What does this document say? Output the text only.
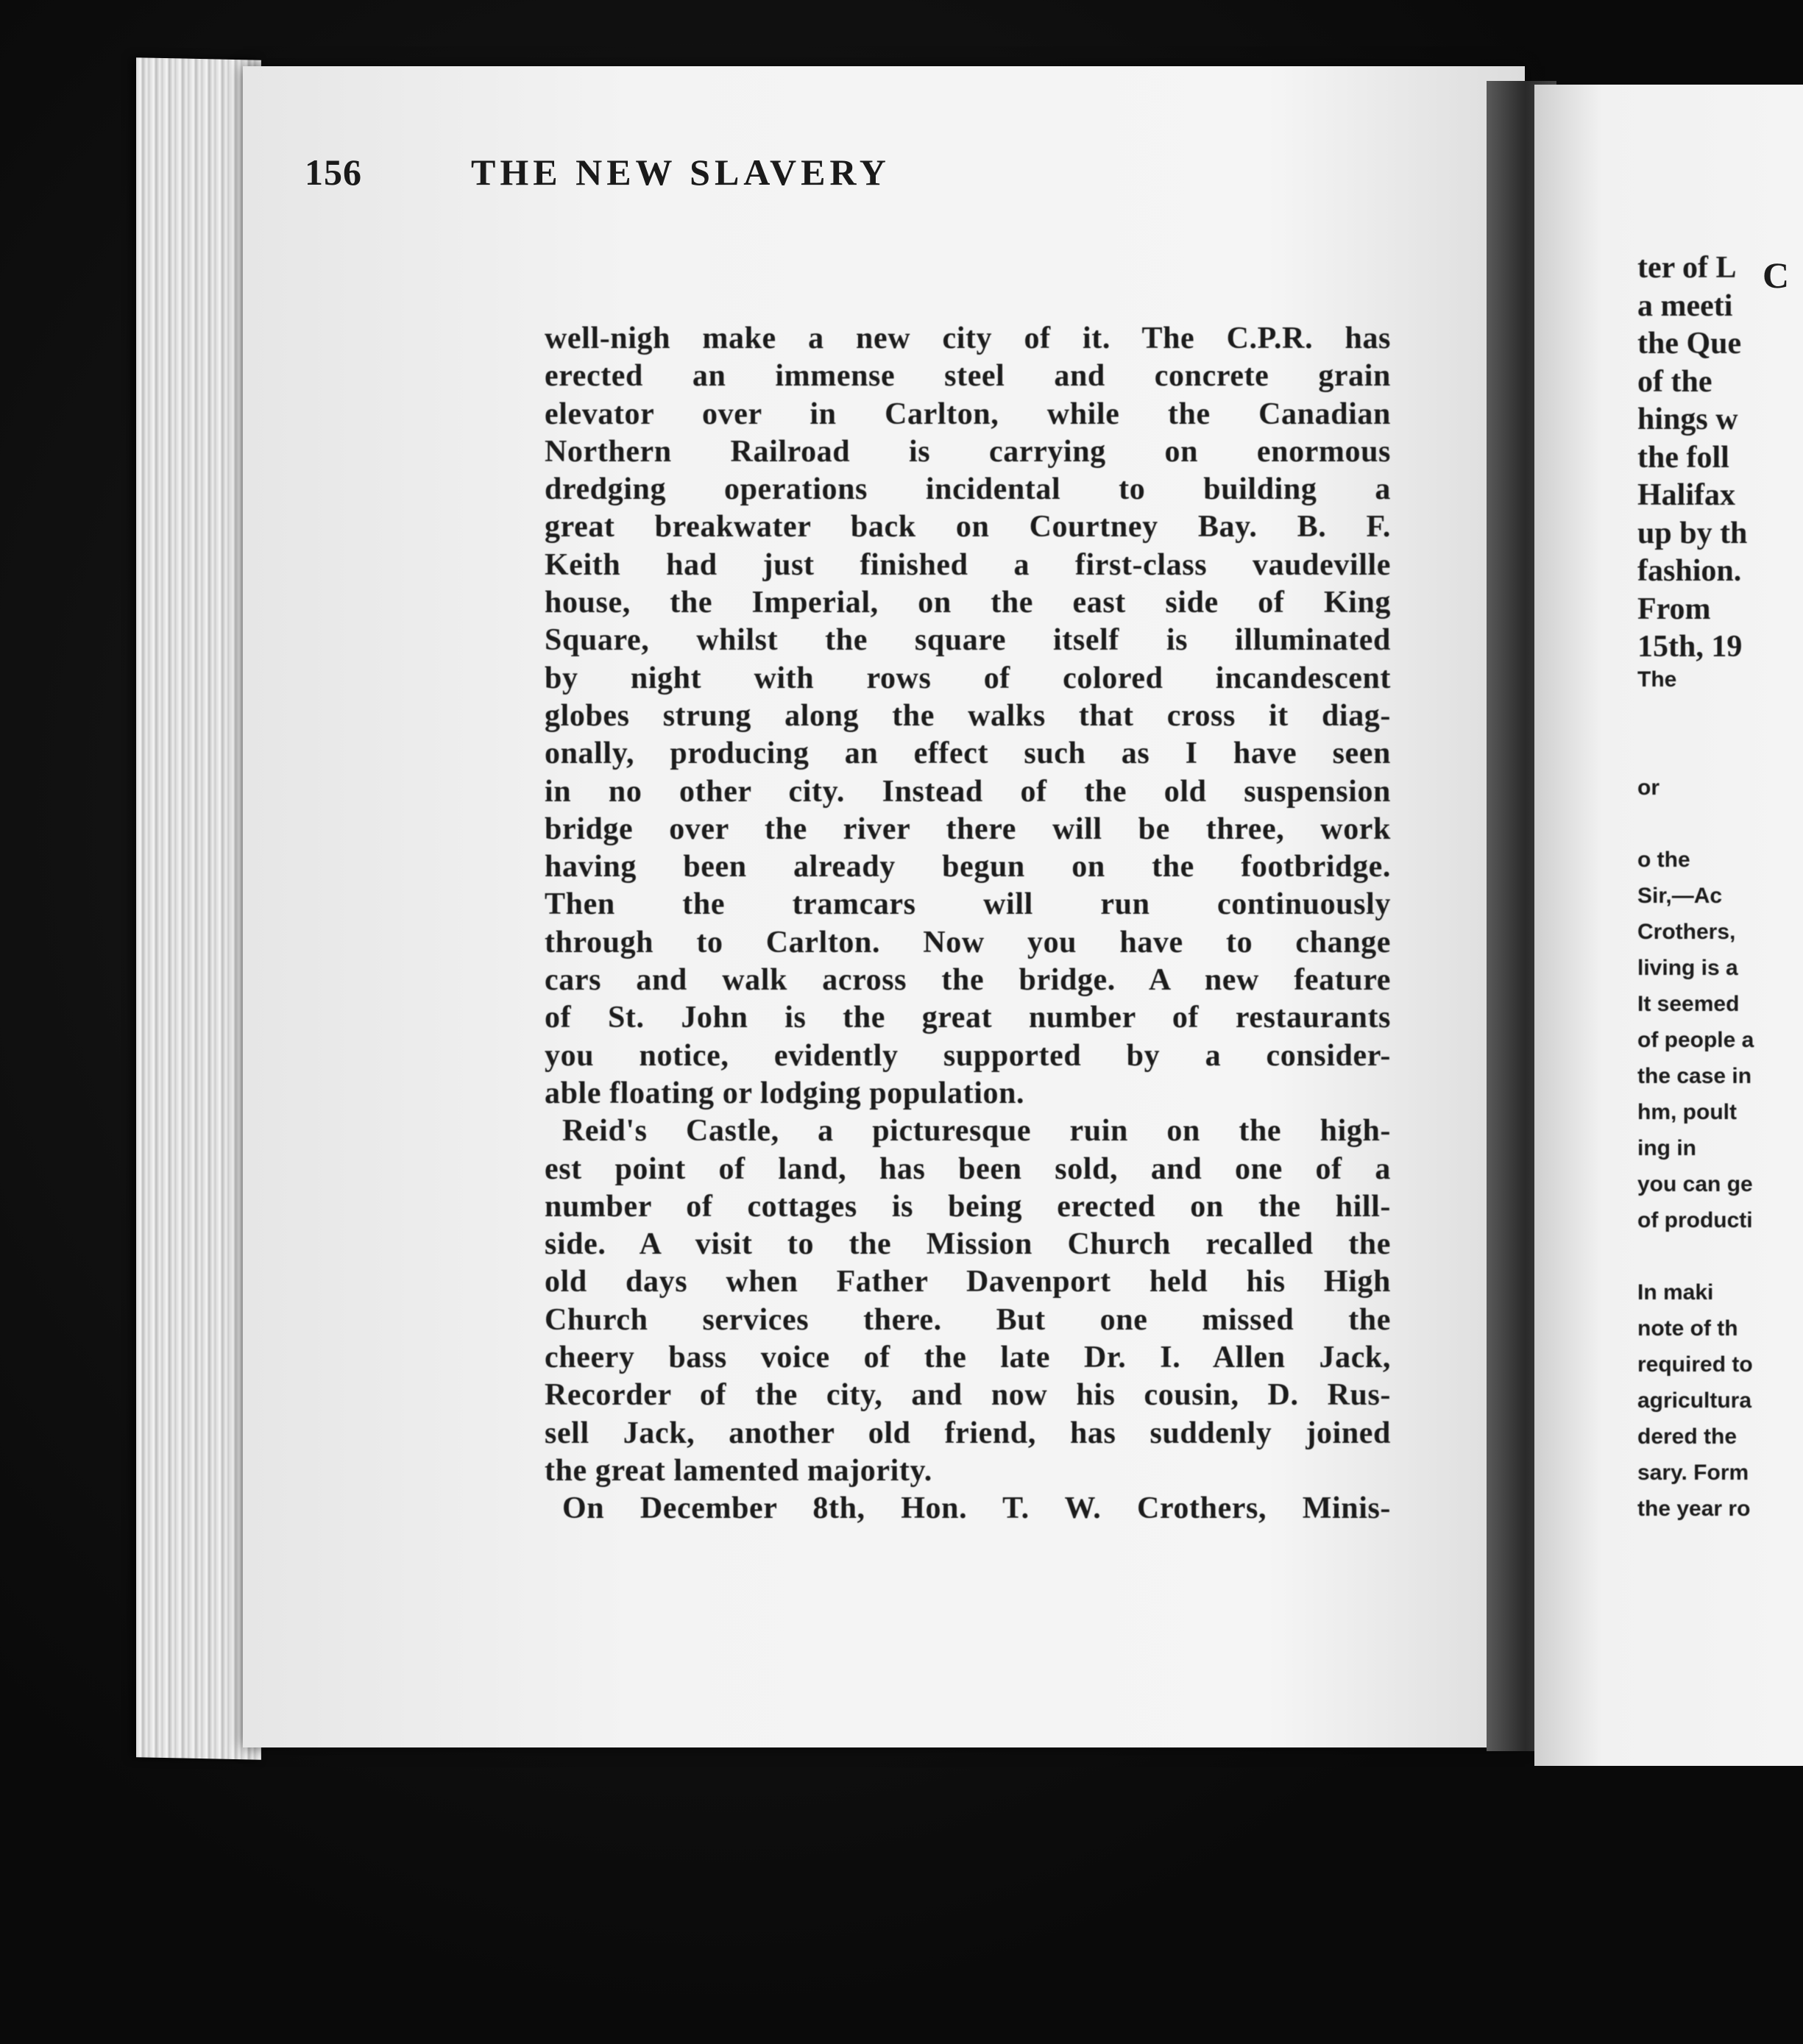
156	THE NEW SLAVERY
well-nigh make a new city of it. The C.P.R. has
erected an immense steel and concrete grain
elevator over in Carlton, while the Canadian
Northern Railroad is carrying on enormous
dredging operations incidental to building a
great breakwater back on Courtney Bay. B. F.
Keith had just finished a first-class vaudeville
house, the Imperial, on the east side of King
Square, whilst the square itself is illuminated
by night with rows of colored incandescent
globes strung along the walks that cross it diag-
onally, producing an effect such as I have seen
in no other city. Instead of the old suspension
bridge over the river there will be three, work
having been already begun on the footbridge.
Then the tramcars will run continuously
through to Carlton. Now you have to change
cars and walk across the bridge. A new feature
of St. John is the great number of restaurants
you notice, evidently supported by a consider-
able floating or lodging population.
Reid's Castle, a picturesque ruin on the high-
est point of land, has been sold, and one of a
number of cottages is being erected on the hill-
side. A visit to the Mission Church recalled the
old days when Father Davenport held his High
Church services there. But one missed the
cheery bass voice of the late Dr. I. Allen Jack,
Recorder of the city, and now his cousin, D. Rus-
sell Jack, another old friend, has suddenly joined
the great lamented majority.
On December 8th, Hon. T. W. Crothers, Minis-
C
ter of L
a meeti
the Que
of the
hings w
the foll
Halifax
up by th
fashion.
From
15th, 19
The
or
o the
Sir,—Ac
Crothers,
living is a
It seemed
of people a
the case in
hm, poult
ing in
you can ge
of producti
In maki
note of th
required to
agricultura
dered the
sary. Form
the year ro
